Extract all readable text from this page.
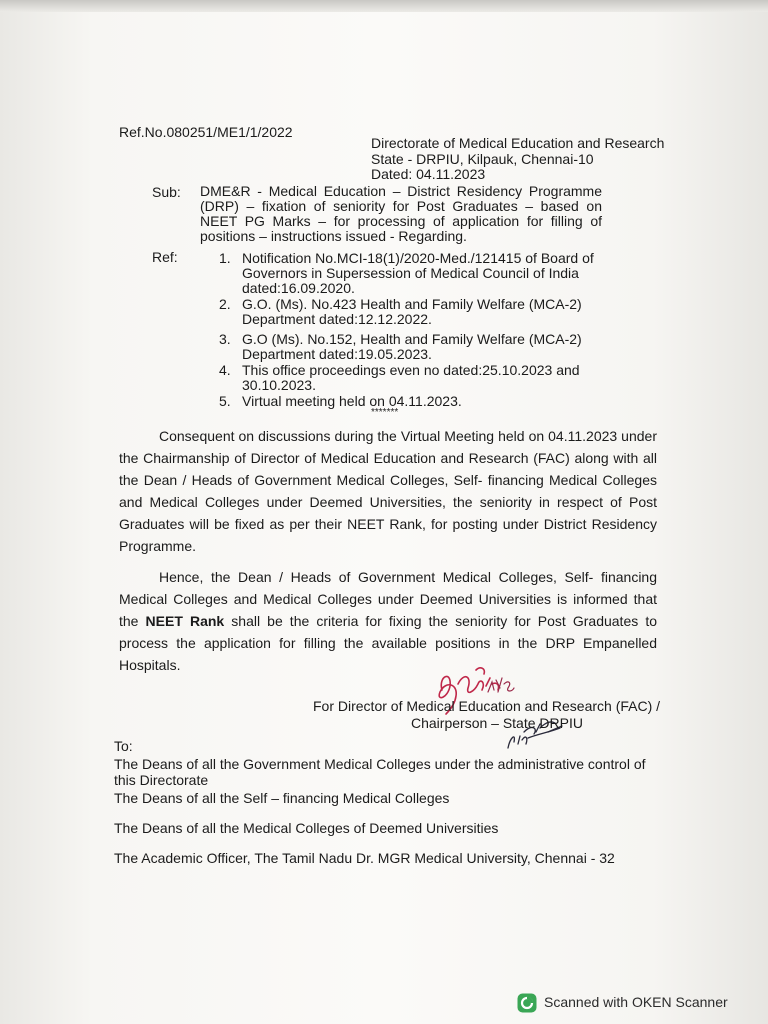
Ref.No.080251/ME1/1/2022
Directorate of Medical Education and Research
State - DRPIU, Kilpauk, Chennai-10
Dated: 04.11.2023
Sub: DME&R - Medical Education – District Residency Programme (DRP) – fixation of seniority for Post Graduates – based on NEET PG Marks – for processing of application for filling of positions – instructions issued - Regarding.
Ref:	1. Notification No.MCI-18(1)/2020-Med./121415 of Board of Governors in Supersession of Medical Council of India dated:16.09.2020.
2. G.O. (Ms). No.423 Health and Family Welfare (MCA-2) Department dated:12.12.2022.
3. G.O (Ms). No.152, Health and Family Welfare (MCA-2) Department dated:19.05.2023.
4. This office proceedings even no dated:25.10.2023 and 30.10.2023.
5. Virtual meeting held on 04.11.2023.
*******
Consequent on discussions during the Virtual Meeting held on 04.11.2023 under the Chairmanship of Director of Medical Education and Research (FAC) along with all the Dean / Heads of Government Medical Colleges, Self- financing Medical Colleges and Medical Colleges under Deemed Universities, the seniority in respect of Post Graduates will be fixed as per their NEET Rank, for posting under District Residency Programme.
Hence, the Dean / Heads of Government Medical Colleges, Self- financing Medical Colleges and Medical Colleges under Deemed Universities is informed that the NEET Rank shall be the criteria for fixing the seniority for Post Graduates to process the application for filling the available positions in the DRP Empanelled Hospitals.
For Director of Medical Education and Research (FAC) /
Chairperson – State DRPIU
To:
The Deans of all the Government Medical Colleges under the administrative control of
this Directorate
The Deans of all the Self – financing Medical Colleges
The Deans of all the Medical Colleges of Deemed Universities
The Academic Officer, The Tamil Nadu Dr. MGR Medical University, Chennai - 32
Scanned with OKEN Scanner
